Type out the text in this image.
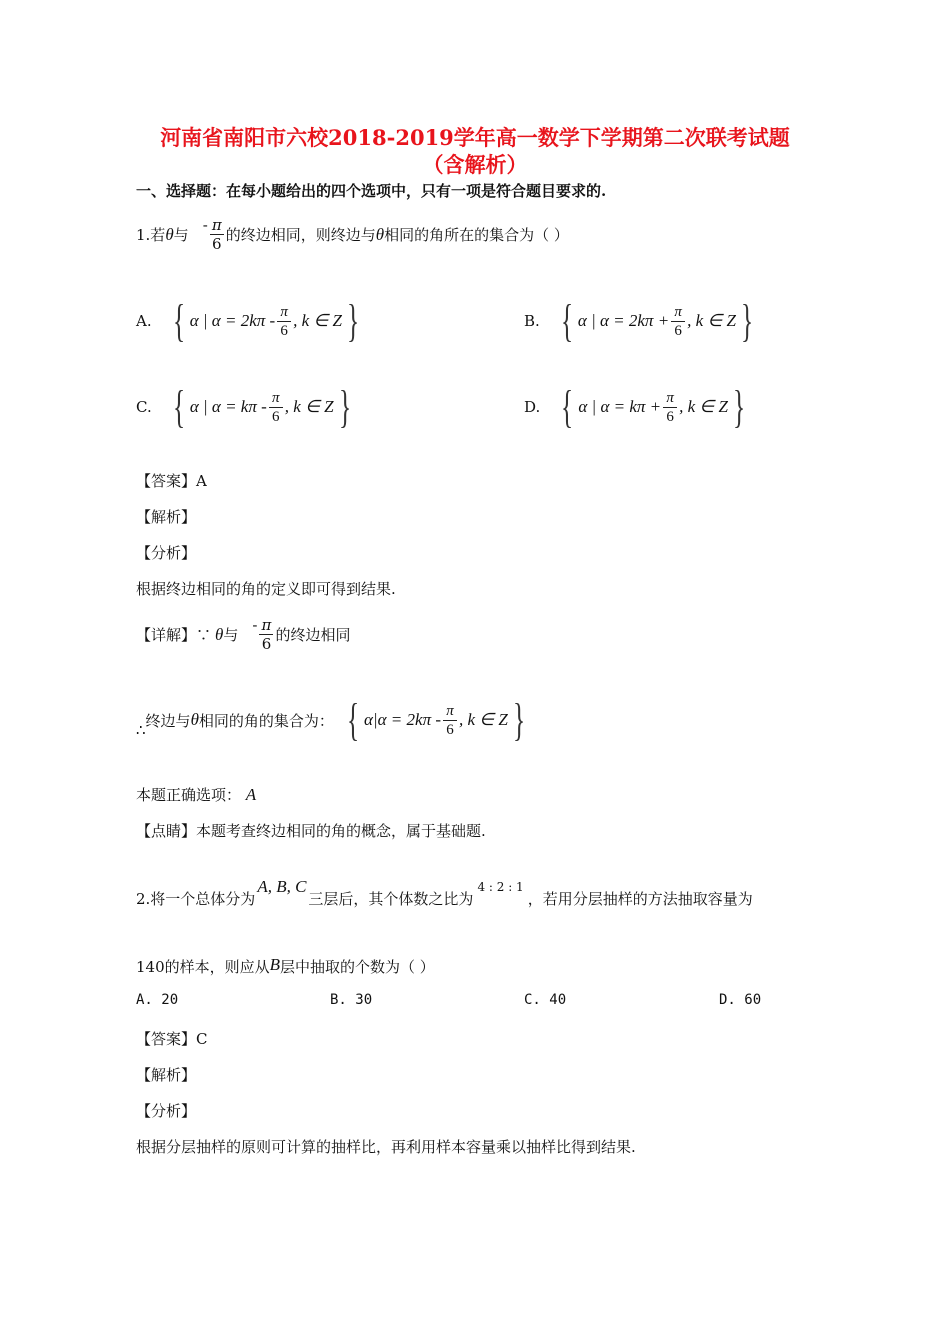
河南省南阳市六校2018-2019学年高一数学下学期第二次联考试题
（含解析）
一、选择题：在每小题给出的四个选项中，只有一项是符合题目要求的.
1.若 θ 与
- $\frac{\pi}{6}$ 的终边相同，则终边与 θ 相同的角所在的集合为（ ）
A. { α | $\alpha = 2k\pi - \frac{\pi}{6}$ , k ∈ Z }	B. { α | $\alpha = 2k\pi + \frac{\pi}{6}$ , k ∈ Z }
C. { α | $\alpha = k\pi - \frac{\pi}{6}$ , k ∈ Z }	D. { α | $\alpha = k\pi + \frac{\pi}{6}$ , k ∈ Z }
【答案】A
【解析】
【分析】
根据终边相同的角的定义即可得到结果.
【详解】∵ θ 与
- $\frac{\pi}{6}$ 的终边相同
∴
终边与 θ 相同的角的集合为： { $\alpha|\alpha = 2k\pi - \frac{\pi}{6}$ , k ∈ Z }
本题正确选项： A
【点睛】本题考查终边相同的角的概念，属于基础题.
2.将一个总体分为
A, B, C
三层后，其个体数之比为
4 : 2 : 1
，若用分层抽样的方法抽取容量为
140的样本，则应从 B 层中抽取的个数为（ ）
A. 20	B. 30	C. 40	D. 60
【答案】C
【解析】
【分析】
根据分层抽样的原则可计算的抽样比，再利用样本容量乘以抽样比得到结果.
